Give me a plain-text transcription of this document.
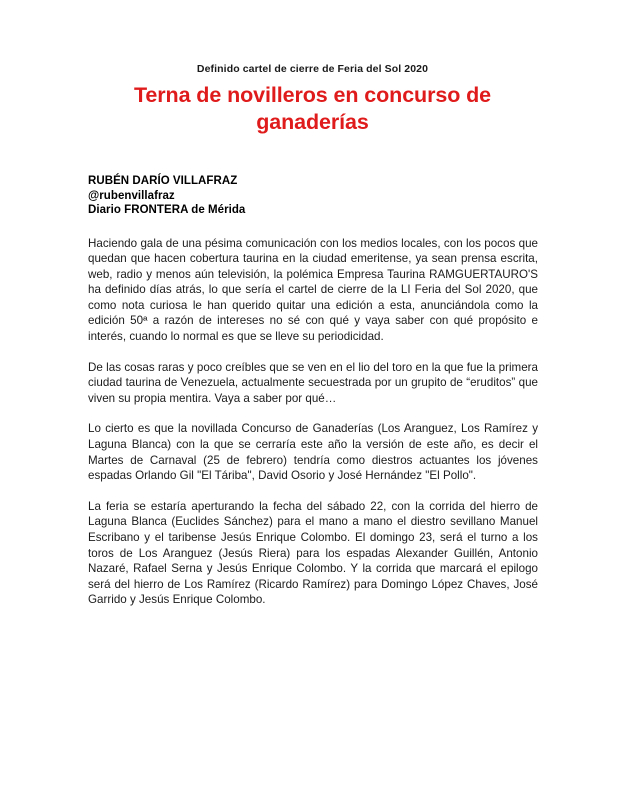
Definido cartel de cierre de Feria del Sol 2020
Terna de novilleros en concurso de ganaderías
RUBÉN DARÍO VILLAFRAZ
@rubenvillafraz
Diario FRONTERA de Mérida

Haciendo gala de una pésima comunicación con los medios locales, con los pocos que quedan que hacen cobertura taurina en la ciudad emeritense, ya sean prensa escrita, web, radio y menos aún televisión, la polémica Empresa Taurina RAMGUERTAURO'S ha definido días atrás, lo que sería el cartel de cierre de la LI Feria del Sol 2020, que como nota curiosa le han querido quitar una edición a esta, anunciándola como la edición 50ª a razón de intereses no sé con qué y vaya saber con qué propósito e interés, cuando lo normal es que se lleve su periodicidad.

De las cosas raras y poco creíbles que se ven en el lio del toro en la que fue la primera ciudad taurina de Venezuela, actualmente secuestrada por un grupito de “eruditos” que viven su propia mentira. Vaya a saber por qué…

Lo cierto es que la novillada Concurso de Ganaderías (Los Aranguez, Los Ramírez y Laguna Blanca) con la que se cerraría este año la versión de este año, es decir el Martes de Carnaval (25 de febrero) tendría como diestros actuantes los jóvenes espadas Orlando Gil "El Táriba", David Osorio y José Hernández "El Pollo".

La feria se estaría aperturando la fecha del sábado 22, con la corrida del hierro de Laguna Blanca (Euclides Sánchez) para el mano a mano el diestro sevillano Manuel Escribano y el taribense Jesús Enrique Colombo. El domingo 23, será el turno a los toros de Los Aranguez (Jesús Riera) para los espadas Alexander Guillén, Antonio Nazaré, Rafael Serna y Jesús Enrique Colombo. Y la corrida que marcará el epilogo será del hierro de Los Ramírez (Ricardo Ramírez) para Domingo López Chaves, José Garrido y Jesús Enrique Colombo.
